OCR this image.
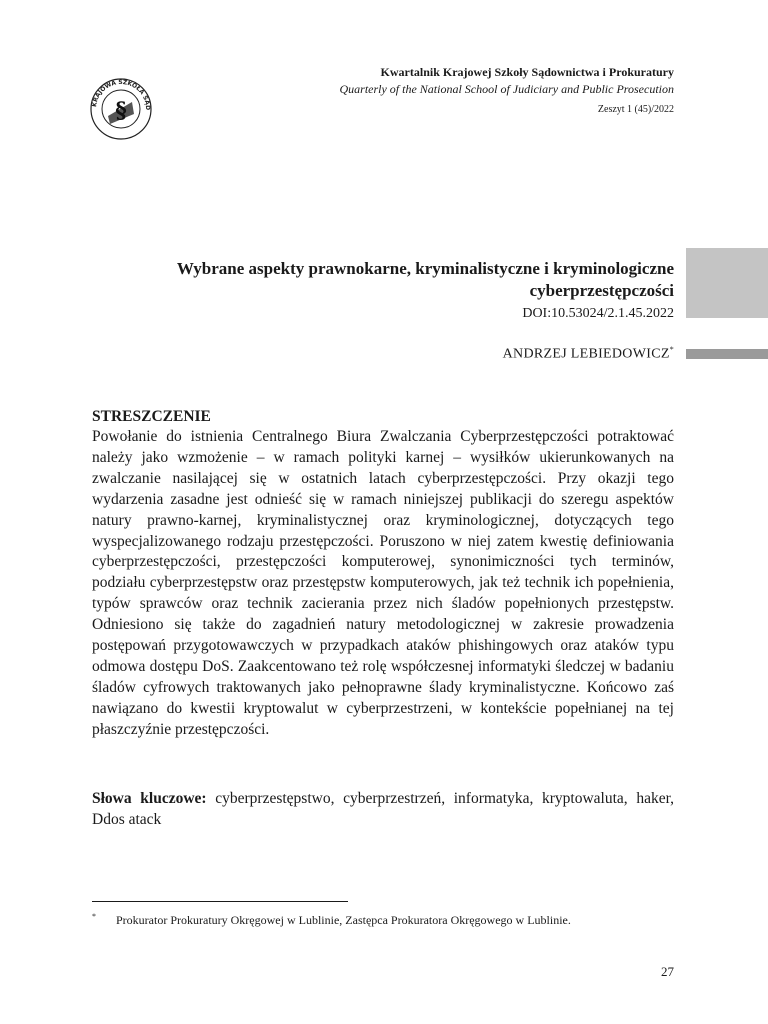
KRAJOWA SZKOŁA SĄD
§
Kwartalnik Krajowej Szkoły Sądownictwa i Prokuratury
Quarterly of the National School of Judiciary and Public Prosecution
Zeszyt 1 (45)/2022
Wybrane aspekty prawnokarne, kryminalistyczne i kryminologiczne cyberprzestępczości
DOI:10.53024/2.1.45.2022
ANDRZEJ LEBIEDOWICZ*
STRESZCZENIE

Powołanie do istnienia Centralnego Biura Zwalczania Cyberprzestępczości potraktować należy jako wzmożenie – w ramach polityki karnej – wysiłków ukierunkowanych na zwalczanie nasilającej się w ostatnich latach cyberprzestępczości. Przy okazji tego wydarzenia zasadne jest odnieść się w ramach niniejszej publikacji do szeregu aspektów natury prawno-karnej, kryminalistycznej oraz kryminologicznej, dotyczących tego wyspecjalizowanego rodzaju przestępczości. Poruszono w niej zatem kwestię definiowania cyberprzestępczości, przestępczości komputerowej, synonimiczności tych terminów, podziału cyberprzestępstw oraz przestępstw komputerowych, jak też technik ich popełnienia, typów sprawców oraz technik zacierania przez nich śladów popełnionych przestępstw. Odniesiono się także do zagadnień natury metodologicznej w zakresie prowadzenia postępowań przygotowawczych w przypadkach ataków phishingowych oraz ataków typu odmowa dostępu DoS. Zaakcentowano też rolę współczesnej informatyki śledczej w badaniu śladów cyfrowych traktowanych jako pełnoprawne ślady kryminalistyczne. Końcowo zaś nawiązano do kwestii kryptowalut w cyberprzestrzeni, w kontekście popełnianej na tej płaszczyźnie przestępczości.

Słowa kluczowe: cyberprzestępstwo, cyberprzestrzeń, informatyka, kryptowaluta, haker, Ddos atack
*	Prokurator Prokuratury Okręgowej w Lublinie, Zastępca Prokuratora Okręgowego w Lublinie.
27
